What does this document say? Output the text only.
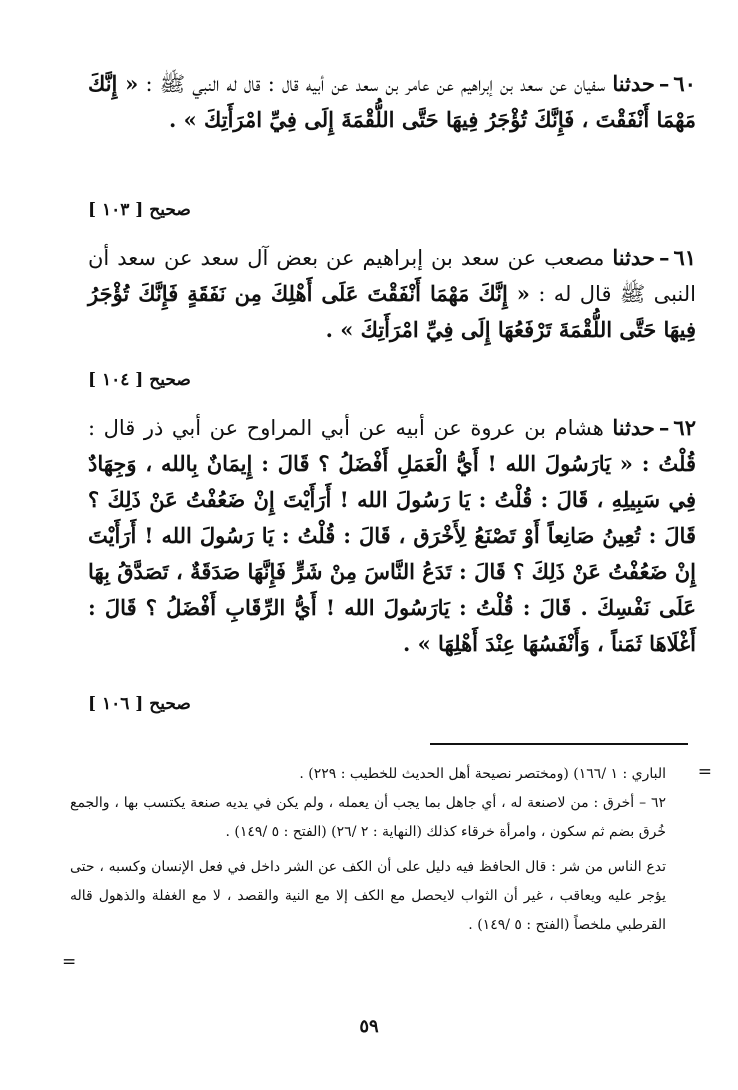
٦٠–حدثنا سفيان عن سعد بن إبراهيم عن عامر بن سعد عن أبيه قال : قال له النبي ﷺ : « إِنَّكَ مَهْمَا أَنْفَقْتَ ، فَإِنَّكَ تُؤْجَرُ فِيهَا حَتَّى اللُّقْمَةَ إِلَى فِيِّ امْرَأَتِكَ » .

صحيح [ ١٠٣ ]

٦١–حدثنا مصعب عن سعد بن إبراهيم عن بعض آل سعد عن سعد أن النبى ﷺ قال له : « إِنَّكَ مَهْمَا أَنْفَقْتَ عَلَى أَهْلِكَ مِن نَفَقَةٍ فَإِنَّكَ تُؤْجَرُ فِيهَا حَتَّى اللُّقْمَةَ تَرْفَعُهَا إِلَى فِيِّ امْرَأَتِكَ » .

صحيح [ ١٠٤ ]

٦٢–حدثنا هشام بن عروة عن أبيه عن أبي المراوح عن أبي ذر قال : قُلْتُ : « يَارَسُولَ الله ! أَيُّ الْعَمَلِ أَفْضَلُ ؟ قَالَ : إِيمَانٌ بِالله ، وَجِهَادٌ فِي سَبِيلِهِ ، قَالَ : قُلْتُ : يَا رَسُولَ الله ! أَرَأَيْتَ إِنْ ضَعُفْتُ عَنْ ذَلِكَ ؟ قَالَ : تُعِينُ صَانِعاً أَوْ تَصْنَعُ لِأَخْرَق ، قَالَ : قُلْتُ : يَا رَسُولَ الله ! أَرَأَيْتَ إِنْ ضَعُفْتُ عَنْ ذَلِكَ ؟ قَالَ : تَدَعُ النَّاسَ مِنْ شَرٍّ فَإِنَّهَا صَدَقَةٌ ، تَصَدَّقُ بِهَا عَلَى نَفْسِكَ . قَالَ : قُلْتُ : يَارَسُولَ الله ! أَيُّ الرِّقَابِ أَفْضَلُ ؟ قَالَ : أَغْلَاهَا ثَمَناً ، وَأَنْفَسُهَا عِنْدَ أَهْلِهَا » .

صحيح [ ١٠٦ ]
=

الباري : ١ /١٦٦) (ومختصر نصيحة أهل الحديث للخطيب : ٢٢٩) .

٦٢ – أخرق : من لاصنعة له ، أي جاهل بما يجب أن يعمله ، ولم يكن في يديه صنعة يكتسب بها ، والجمع خُرق بضم ثم سكون ، وامرأة خرقاء كذلك (النهاية : ٢ /٢٦) (الفتح : ٥ /١٤٩) .

تدع الناس من شر : قال الحافظ فيه دليل على أن الكف عن الشر داخل في فعل الإنسان وكسبه ، حتى يؤجر عليه ويعاقب ، غير أن الثواب لايحصل مع الكف إلا مع النية والقصد ، لا مع الغفلة والذهول قاله القرطبي ملخصاً (الفتح : ٥ /١٤٩) .

=
٥٩
